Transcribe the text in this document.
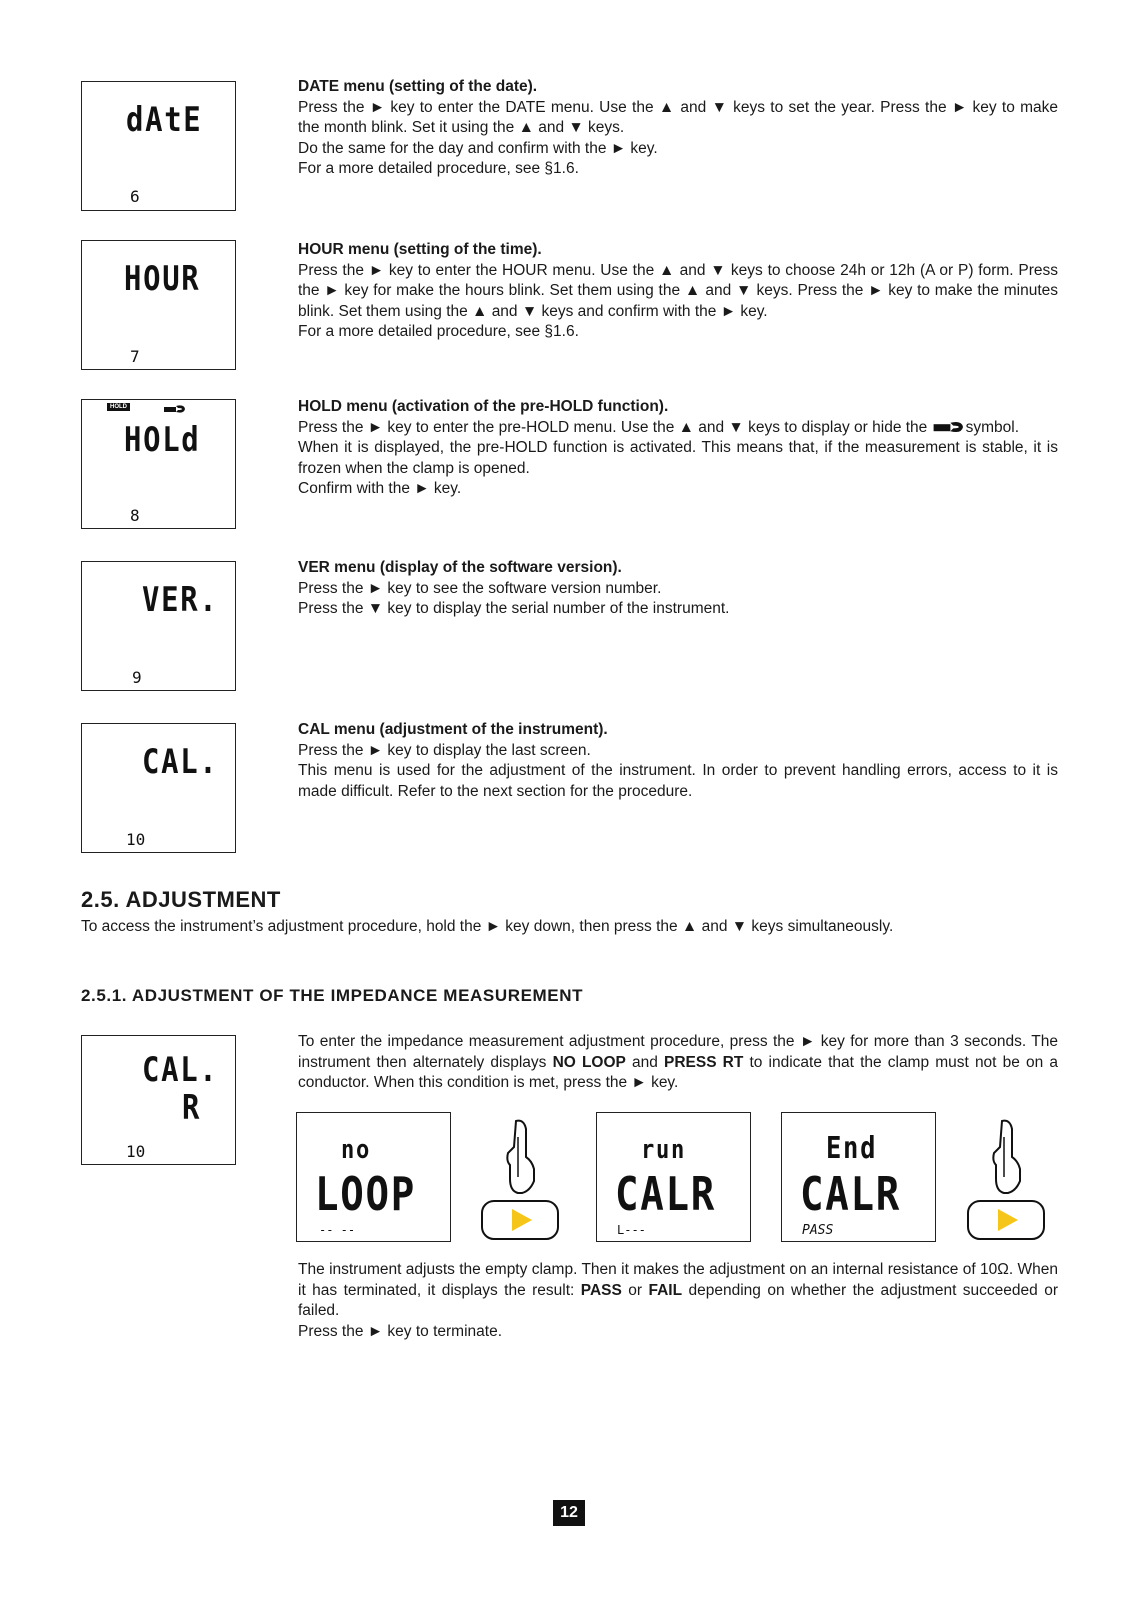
dAtE
6

DATE menu (setting of the date).

Press the ► key to enter the DATE menu. Use the ▲ and ▼ keys to set the year. Press the ► key to make the month blink. Set it using the ▲ and ▼ keys.

Do the same for the day and confirm with the ► key.

For a more detailed procedure, see §1.6.

HOUR
7

HOUR menu (setting of the time).

Press the ► key to enter the HOUR menu. Use the ▲ and ▼ keys to choose 24h or 12h (A or P) form. Press the ► key for make the hours blink. Set them using the ▲ and ▼ keys. Press the ► key to make the minutes blink. Set them using the ▲ and ▼ keys and confirm with the ► key.

For a more detailed procedure, see §1.6.

HOLD
HOLd
8

HOLD menu (activation of the pre-HOLD function).

Press the ► key to enter the pre-HOLD menu. Use the ▲ and ▼ keys to display or hide the symbol.

When it is displayed, the pre-HOLD function is activated. This means that, if the measurement is stable, it is frozen when the clamp is opened.

Confirm with the ► key.

VER.
9

VER menu (display of the software version).

Press the ► key to see the software version number.

Press the ▼ key to display the serial number of the instrument.

CAL.
10

CAL menu (adjustment of the instrument).

Press the ► key to display the last screen.

This menu is used for the adjustment of the instrument. In order to prevent handling errors, access to it is made difficult. Refer to the next section for the procedure.

2.5. ADJUSTMENT
To access the instrument’s adjustment procedure, hold the ► key down, then press the ▲ and ▼ keys simultaneously.
2.5.1. ADJUSTMENT OF THE IMPEDANCE MEASUREMENT
CAL.
R
10

To enter the impedance measurement adjustment procedure, press the ► key for more than 3 seconds. The instrument then alternately displays NO LOOP and PRESS RT to indicate that the clamp must not be on a conductor. When this condition is met, press the ► key.

no
LOOP
-- --
run
CALR
L---
End
CALR
PASS

The instrument adjusts the empty clamp. Then it makes the adjustment on an internal resistance of 10Ω. When it has terminated, it displays the result: PASS or FAIL depending on whether the adjustment succeeded or failed.

Press the ► key to terminate.

12
